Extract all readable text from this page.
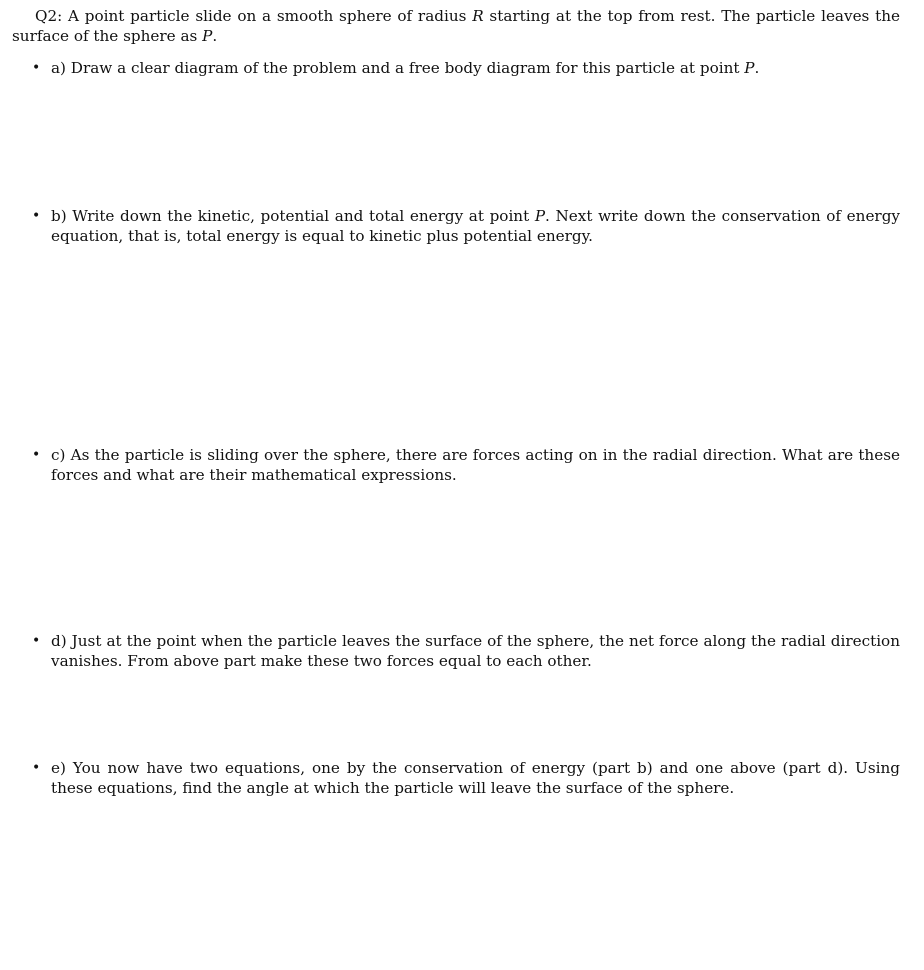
Q2: A point particle slide on a smooth sphere of radius R starting at the top from rest. The particle leaves the surface of the sphere as P.

• a) Draw a clear diagram of the problem and a free body diagram for this particle at point P.

• b) Write down the kinetic, potential and total energy at point P. Next write down the conservation of energy equation, that is, total energy is equal to kinetic plus potential energy.

• c) As the particle is sliding over the sphere, there are forces acting on in the radial direction. What are these forces and what are their mathematical expressions.

• d) Just at the point when the particle leaves the surface of the sphere, the net force along the radial direction vanishes. From above part make these two forces equal to each other.

• e) You now have two equations, one by the conservation of energy (part b) and one above (part d). Using these equations, find the angle at which the particle will leave the surface of the sphere.
